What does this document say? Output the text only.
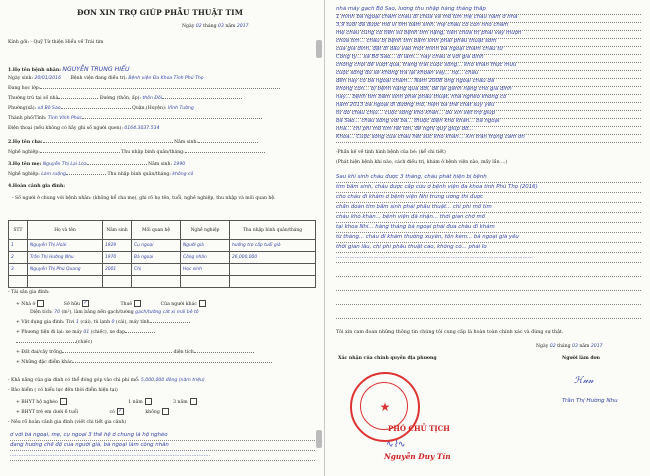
ĐƠN XIN TRỢ GIÚP PHẪU THUẬT TIM
Ngày 02 tháng 03 năm 2017
Kính gởi: - Quỹ Từ thiện Hiểu về Trái tim
1.Họ tên bệnh nhân: NGUYỄN TRUNG HIẾU
Ngày sinh: 20/01/2016 Bệnh viện đang điều trị: Bệnh viện Đa Khoa Tỉnh Phú Thọ
Đang học lớp:
Thường trú tại số nhà	Đường (thôn, ấp): thôn Đồi
Phường(xã): xã Bồ Sao	Quận,(Huyện): Vĩnh Tường
Thành phố/Tỉnh: Tỉnh Vĩnh Phúc
Điện thoại (nếu không có hãy ghi số người quen): 0164.3037.534
2.Họ tên cha:	Năm sinh:
Nghề nghiệp:	Thu nhập bình quân/tháng:
3.Họ tên mẹ: Nguyễn Thị Lại Loa	Năm sinh: 1990
Nghề nghiệp: Làm ruộng	Thu nhập bình quân/tháng: không có
4.Hoàn cảnh gia đình:
- Số người ở chung với bệnh nhân: (không kể cha mẹ), ghi rõ họ tên, tuổi, nghề nghiệp, thu nhập và mối quan hệ.
STT	Họ và tên	Năm sinh	Mối quan hệ	Nghề nghiệp	Thu nhập bình quân/tháng
1	Nguyễn Thị Hoài	1929	Cụ ngoại	Người già	hưởng trợ cấp tuổi già
2	Trần Thị Hường Nhu	1970	Bà ngoại	Công nhân	26,000,000
3	Nguyễn Thị Phú Quang	2001	Chị	Học sinh	

- Tài sản gia đình:
+ Nhà ở	Sở hữu ✓	Thuê	Của người khác
Diện tích: 70 (m²), làm bằng nền gạch/tường gạch/tường cát xi mái bê tô
+ Vật dụng gia đình: Tivi 1 (cái), tủ lạnh 0 (cái), máy tính
+ Phương tiện đi lại: xe máy 01 (chiếc), xe đạp
(chiếc)
+ Đất đai/cây trồng	diện tích
+ Những đặc điểm khác
- Khả năng của gia đình có thể đóng góp vào chi phí mổ: 5,000,000 đồng (năm triệu)
- Bảo hiểm ( có hiểu lực đến thời điểm hiện tại)
+ BHYT hộ nghèo	1 năm	3 năm
+ BHYT trẻ em dưới 6 tuổi	có ✓	không
- Nêu rõ hoàn cảnh gia đình (viết chi tiết gia cảnh)
ở với bà ngoại, mẹ, cụ ngoại 3 thế hệ ở chung là hộ nghèo
đang hưởng chế độ của người già, bà ngoại làm công nhân
.....................................................................................................................
nhà máy gạch Bồ Sao, lương thu nhập hàng tháng thấp
1 mình bà ngoại chăm cháu đi chữa và mổ tim mẹ cháu nằm ở nhà
3,9 tuổi đã được mổ vì tim bẩm sinh, mẹ cháu có con nhỏ chăm
mẹ cháu cũng có tiền sử bệnh tim nặng, tiền chữa trị phải vay mượn
chữa tim... cháu bị bệnh tim bẩm sinh phải phẫu thuật sớm
của gia đình, đặt đi đâu vào một mình bà ngoại chăm cháu từ
Công ty... xã Bồ Sao... đi làm... nay cháu ở với gia đình
chống chọi để vượt qua, trang trải cuộc sống... khó khăn thực mưu
cuộc sống đủ sẽ không trả lại khoản vay... nợ... cháu
đến nay có bà ngoại chăm... Năm 2008 ông ngoại cháu đã
không còn... bị bệnh nặng qua đời, để lại gánh nặng cho gia đình
nay... bệnh tim bẩm sinh phải phẫu thuật, nhà nghèo không có
năm 2013 bà ngoại đi đường mổ, hiện bà thể chất suy yếu
từ đó cháu chịu... cuộc sống khó khăn... dù xin xét trợ giúp
bà Sao... cháu sống với bà... thuộc diện khó khăn... bà ngoại
nhà... chi phí mổ tim rất lớn, đề nghị quỹ giúp đỡ...
Khoa... Cuộc sống của cháu hết sức khó khăn... Xin trân trọng cảm ơn
-Phần kế về tình hình bệnh của bé: (kể chi tiết)
(Phát hiện bệnh khi nào, cách điều trị, khám ở bệnh viện nào, mấy lần ...)
Sau khi sinh cháu được 3 tháng, cháu phát hiện bị bệnh
tim bẩm sinh, cháu được cấp cứu ở bệnh viện đa khoa tỉnh Phú Thọ (2016)
cho cháu đi khám ở bệnh viện Nhi trung ương thì được
chẩn đoán tim bẩm sinh phải phẫu thuật... chi phí mổ tim
cháu khó khăn... bệnh viện đã nhận... thời gian chờ mổ
tại khoa Nhi... hàng tháng bà ngoại phải đưa cháu đi khám
từ tháng... cháu đi khám thường xuyên, tốn kém... bà ngoại già yếu
thời gian lâu, chi phí phẫu thuật cao, không có... phải lo
...................................................................................................................
Tôi xin cam đoan những thông tin chúng tôi cung cấp là hoàn toàn chính xác và đúng sự thật.
Ngày 02 tháng 03 năm 2017
Xác nhận của chính quyền địa phương	Người làm đơn
★
PHÓ CHỦ TỊCH
∿⌇∿
Nguyễn Duy Tín
ℋ𝓊𝓃
Trần Thị Hường Nhu
